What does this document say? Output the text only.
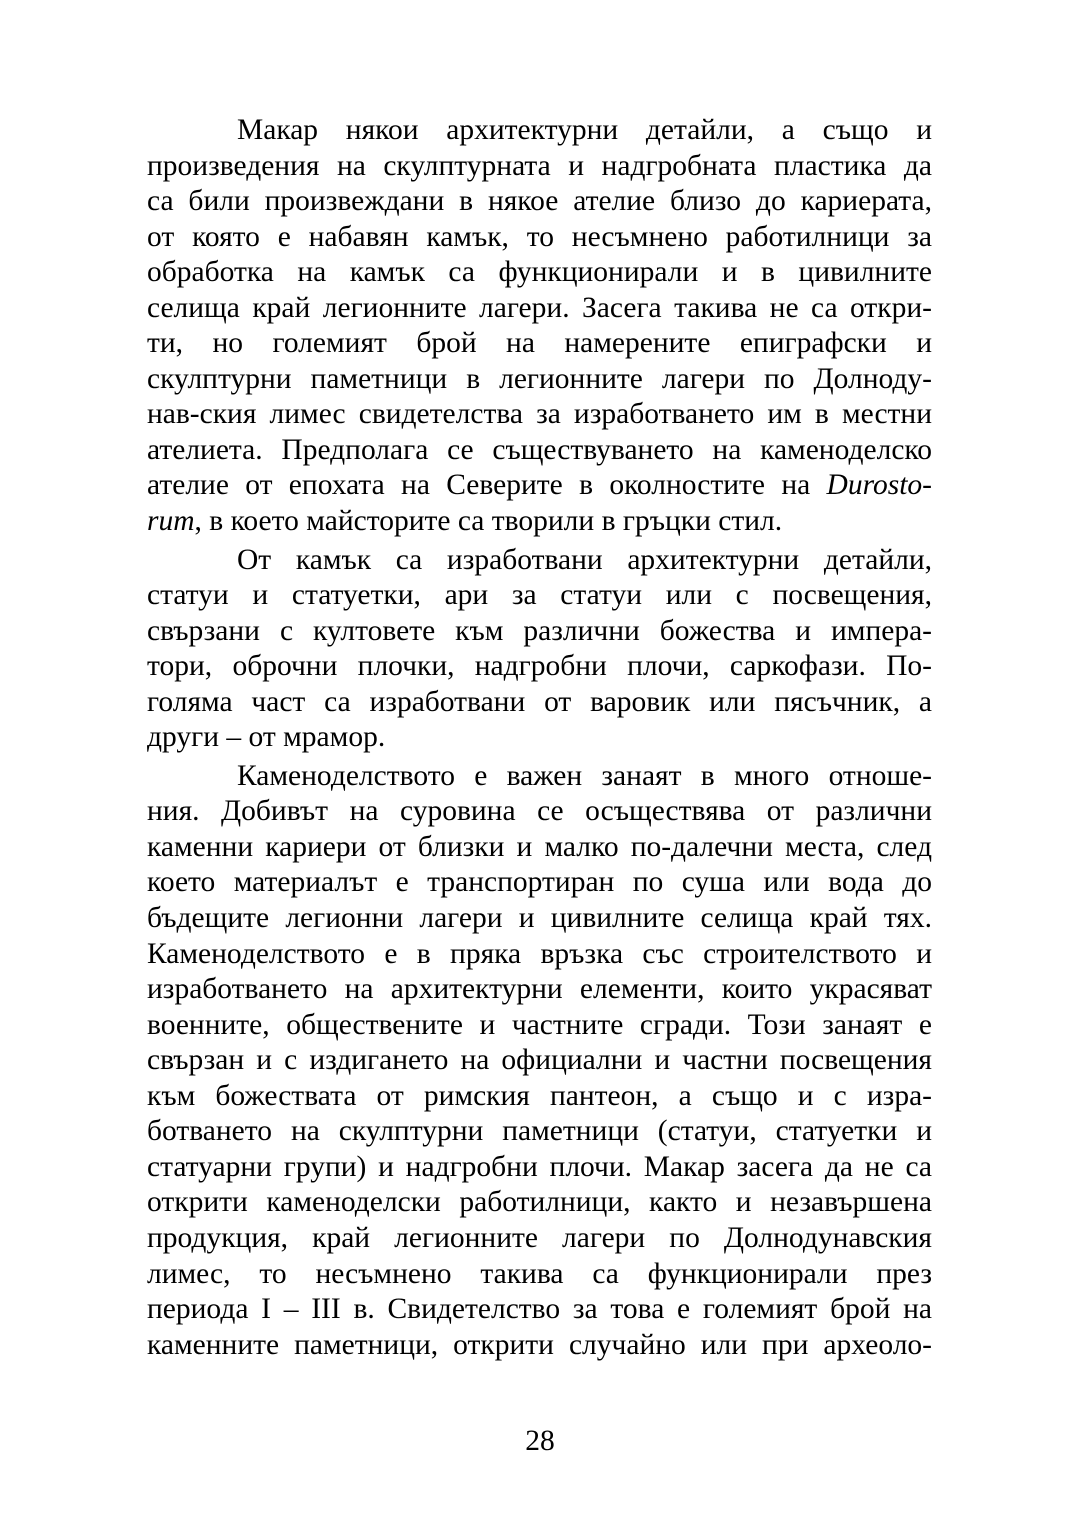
Макар някои архитектурни детайли, а също и
произведения на скулптурната и надгробната пластика да
са били произвеждани в някое ателие близо до кариерата,
от която е набавян камък, то несъмнено работилници за
обработка на камък са функционирали и в цивилните
селища край легионните лагери. Засега такива не са откри-
ти, но големият брой на намерените епиграфски и
скулптурни паметници в легионните лагери по Долноду-
нав-ския лимес свидетелства за изработването им в местни
ателиета. Предполага се съществуването на каменоделско
ателие от епохата на Северите в околностите на Durosto-
rum, в което майсторите са творили в гръцки стил.
От камък са изработвани архитектурни детайли,
статуи и статуетки, ари за статуи или с посвещения,
свързани с култовете към различни божества и импера-
тори, оброчни плочки, надгробни плочи, саркофази. По-
голяма част са изработвани от варовик или пясъчник, а
други – от мрамор.
Каменоделството е важен занаят в много отноше-
ния. Добивът на суровина се осъществява от различни
каменни кариери от близки и малко по-далечни места, след
което материалът е транспортиран по суша или вода до
бъдещите легионни лагери и цивилните селища край тях.
Каменоделството е в пряка връзка със строителството и
изработването на архитектурни елементи, които украсяват
военните, обществените и частните сгради. Този занаят е
свързан и с издигането на официални и частни посвещения
към божествата от римския пантеон, а също и с изра-
ботването на скулптурни паметници (статуи, статуетки и
статуарни групи) и надгробни плочи. Макар засега да не са
открити каменоделски работилници, както и незавършена
продукция, край легионните лагери по Долнодунавския
лимес, то несъмнено такива са функционирали през
периода I – III в. Свидетелство за това е големият брой на
каменните паметници, открити случайно или при археоло-
28
